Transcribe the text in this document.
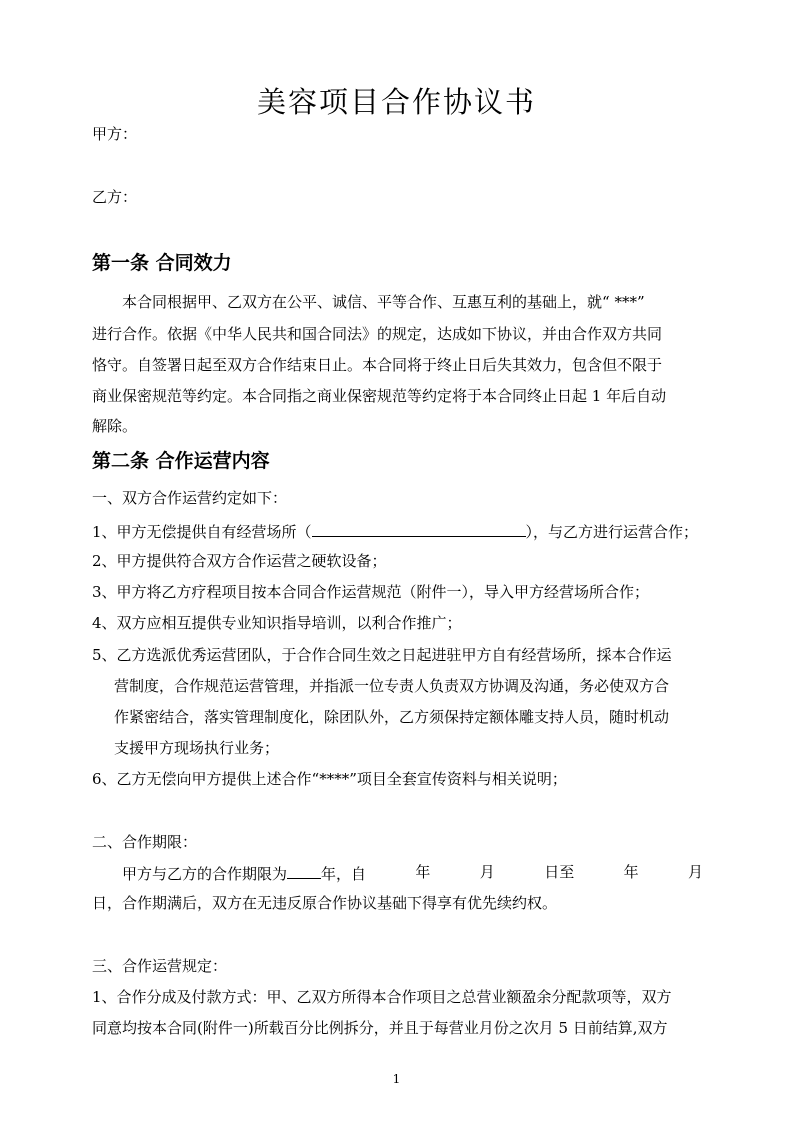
美容项目合作协议书
甲方：
乙方：
第一条 合同效力
本合同根据甲、乙双方在公平、诚信、平等合作、互惠互利的基础上，就“ ***”
进行合作。依据《中华人民共和国合同法》的规定，达成如下协议，并由合作双方共同
恪守。自签署日起至双方合作结束日止。本合同将于终止日后失其效力，包含但不限于
商业保密规范等约定。本合同指之商业保密规范等约定将于本合同终止日起 1 年后自动
解除。
第二条 合作运营内容
一、双方合作运营约定如下：
1、甲方无偿提供自有经营场所（	），与乙方进行运营合作；
2、甲方提供符合双方合作运营之硬软设备；
3、甲方将乙方疗程项目按本合同合作运营规范（附件一），导入甲方经营场所合作；
4、双方应相互提供专业知识指导培训，以利合作推广；
5、乙方选派优秀运营团队，于合作合同生效之日起进驻甲方自有经营场所，採本合作运
营制度，合作规范运营管理，并指派一位专责人负责双方协调及沟通，务必使双方合
作紧密结合，落实管理制度化，除团队外，乙方须保持定额体雕支持人员，随时机动
支援甲方现场执行业务；
6、乙方无偿向甲方提供上述合作“****”项目全套宣传资料与相关说明；
二、合作期限：
甲方与乙方的合作期限为 年，自	年	月	日至	年	月
日，合作期满后，双方在无违反原合作协议基础下得享有优先续约权。
三、合作运营规定：
1、合作分成及付款方式：甲、乙双方所得本合作项目之总营业额盈余分配款项等，双方
同意均按本合同(附件一)所载百分比例拆分，并且于每营业月份之次月 5 日前结算,双方
1
